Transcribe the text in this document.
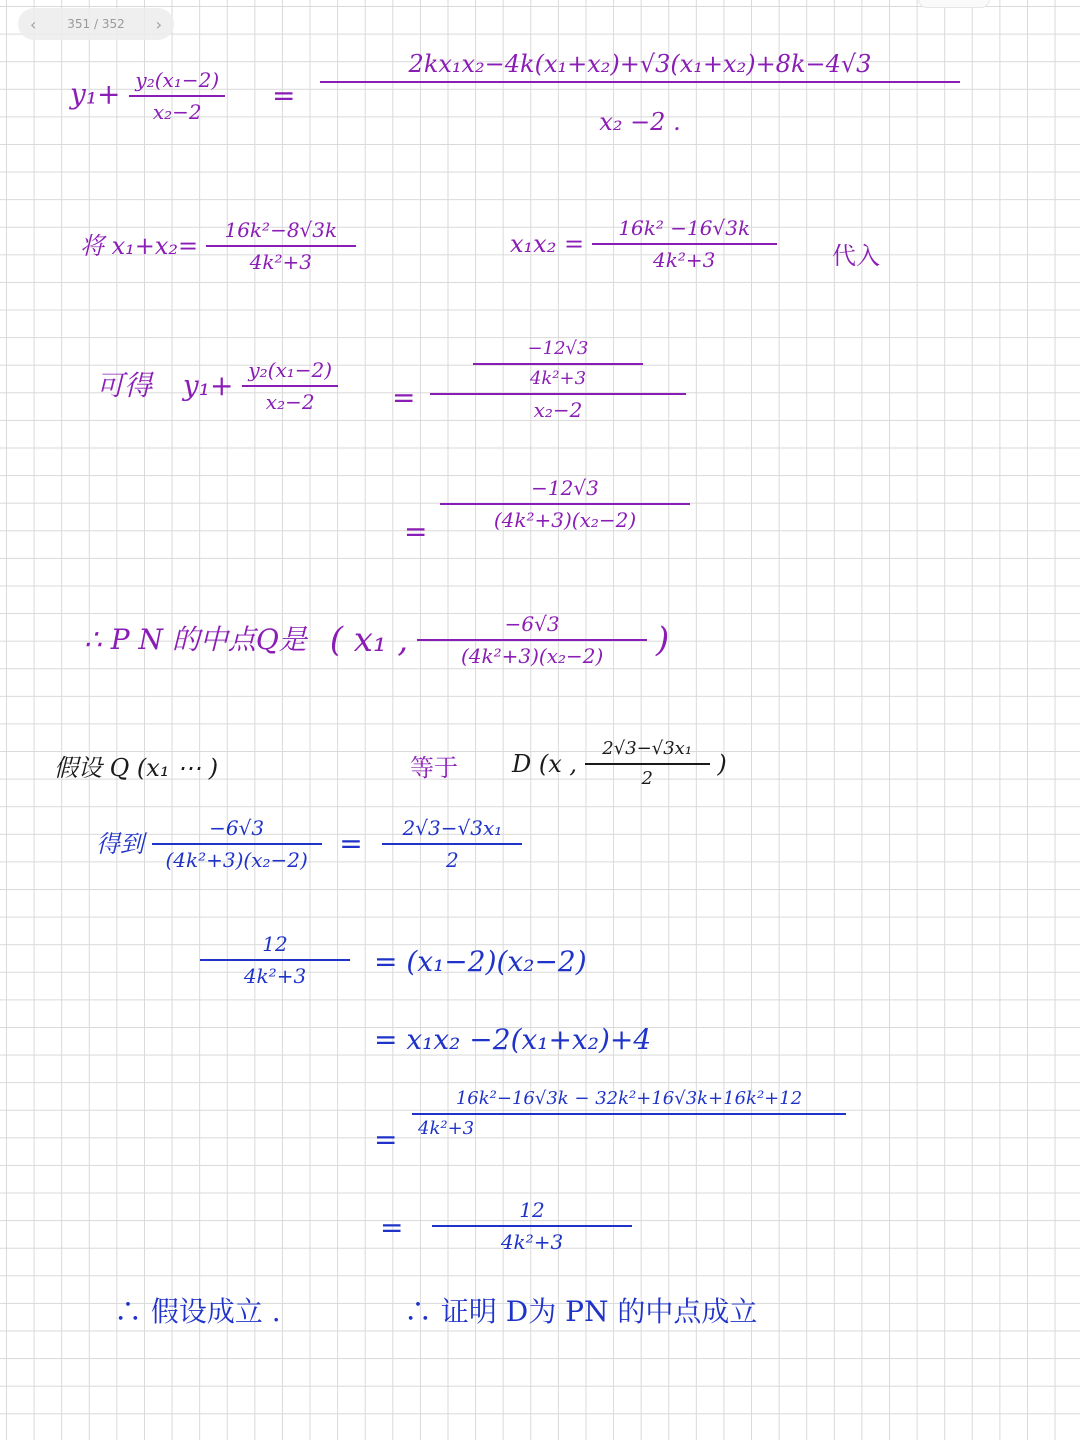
‹	351 / 352 ›
$y_1+ \frac{\text{y₂(x₁−2)}}{\text{x₂−2}} = \frac{\text{2kx₁x₂−4k(x₁+x₂)+√3(x₁+x₂)+8k−4√3}}{\text{x₂ −2 .}}$
将 $x_1+x_2= \frac{\text{16k²−8√3k}}{\text{4k²+3}}$	$x_1x_2 = \frac{\text{16k² −16√3k}}{\text{4k²+3}}$ 代入
可得 $y_1+ \frac{\text{y₂(x₁−2)}}{\text{x₂−2}} = \frac{\frac{-12√3}{\text{4k²+3}}}{\text{x₂−2}}$
=
$\frac{-12√3}{\text{(4k²+3)(x₂−2)}}$
∴ P N 的中点Q是 ( x₁ , $\frac{-6√3}{\text{(4k²+3)(x₂−2)}}$ )
假设 Q (x₁ ⋯ )	等于 D (x , $\frac{\text{2√3−√3x₁}}{2}$ )
得到 $\frac{-6√3}{\text{(4k²+3)(x₂−2)}} = \frac{\text{2√3−√3x₁}}{2}$
$\frac{12}{\text{4k²+3}} = (x_1-2)(x_2-2)$
= x₁x₂ −2(x₁+x₂)+4
=
16k²−16√3k − 32k²+16√3k+16k²+12
4k²+3
= $\frac{12}{\text{4k²+3}}$
∴ 假设成立 .	∴ 证明 D为 PN 的中点成立
